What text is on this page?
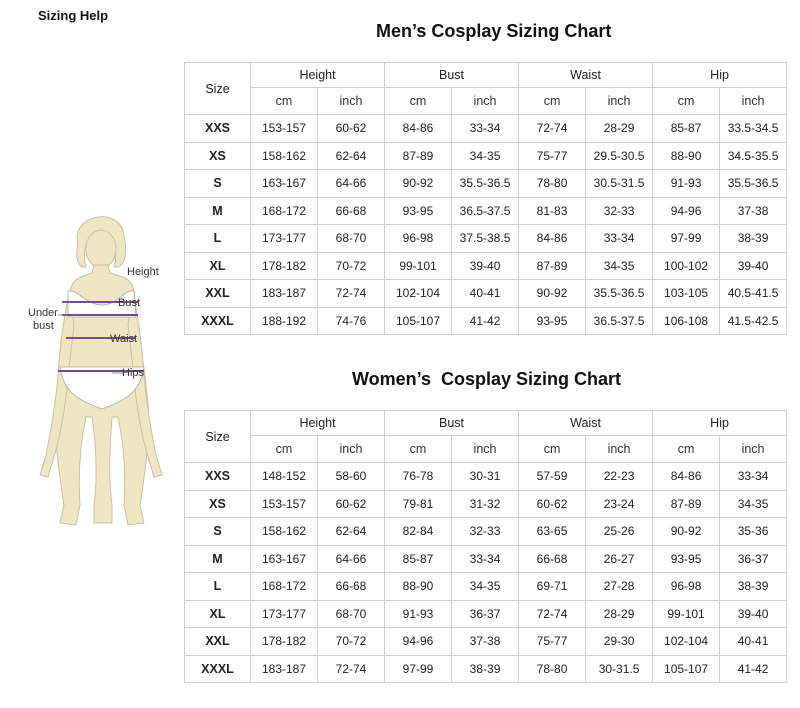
Sizing Help
Height
Bust
Under
bust
Waist
Hips
Men’s Cosplay Sizing Chart
Size	Height		Bust		Waist		Hip	
	cm	inch	cm	inch	cm	inch	cm	inch
XXS	153-157	60-62	84-86	33-34	72-74	28-29	85-87	33.5-34.5
XS	158-162	62-64	87-89	34-35	75-77	29.5-30.5	88-90	34.5-35.5
S	163-167	64-66	90-92	35.5-36.5	78-80	30.5-31.5	91-93	35.5-36.5
M	168-172	66-68	93-95	36.5-37.5	81-83	32-33	94-96	37-38
L	173-177	68-70	96-98	37.5-38.5	84-86	33-34	97-99	38-39
XL	178-182	70-72	99-101	39-40	87-89	34-35	100-102	39-40
XXL	183-187	72-74	102-104	40-41	90-92	35.5-36.5	103-105	40.5-41.5
XXXL	188-192	74-76	105-107	41-42	93-95	36.5-37.5	106-108	41.5-42.5
Women’s  Cosplay Sizing Chart
Size	Height		Bust		Waist		Hip	
	cm	inch	cm	inch	cm	inch	cm	inch
XXS	148-152	58-60	76-78	30-31	57-59	22-23	84-86	33-34
XS	153-157	60-62	79-81	31-32	60-62	23-24	87-89	34-35
S	158-162	62-64	82-84	32-33	63-65	25-26	90-92	35-36
M	163-167	64-66	85-87	33-34	66-68	26-27	93-95	36-37
L	168-172	66-68	88-90	34-35	69-71	27-28	96-98	38-39
XL	173-177	68-70	91-93	36-37	72-74	28-29	99-101	39-40
XXL	178-182	70-72	94-96	37-38	75-77	29-30	102-104	40-41
XXXL	183-187	72-74	97-99	38-39	78-80	30-31.5	105-107	41-42
